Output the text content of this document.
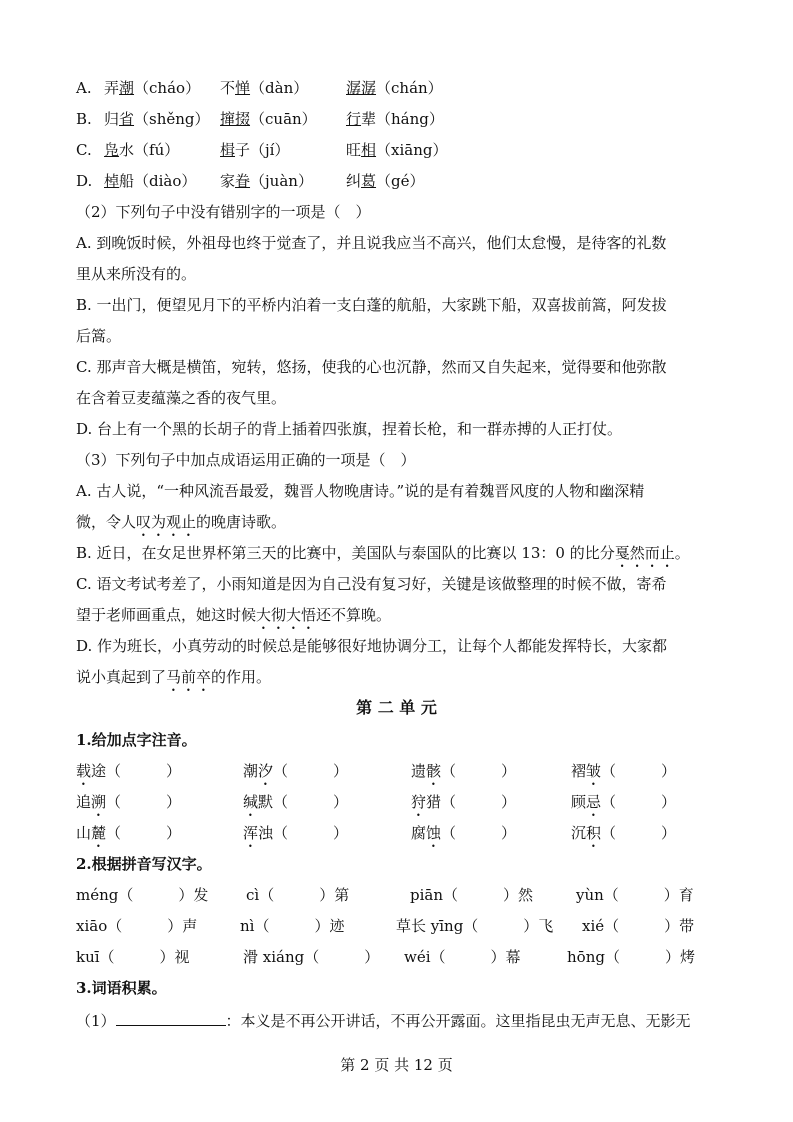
A. 弄潮（cháo） 不惮（dàn）	潺潺（chán）
B. 归省（shěng） 撺掇（cuān） 行辈（háng）
C. 凫水（fú）	楫子（jí）	旺相（xiāng）
D. 棹船（diào） 家眷（juàn） 纠葛（gé）
（2）下列句子中没有错别字的一项是（　）
A. 到晚饭时候，外祖母也终于觉查了，并且说我应当不高兴，他们太怠慢，是待客的礼数
里从来所没有的。
B. 一出门，便望见月下的平桥内泊着一支白蓬的航船，大家跳下船，双喜拔前篙，阿发拔
后篙。
C. 那声音大概是横笛，宛转，悠扬，使我的心也沉静，然而又自失起来，觉得要和他弥散
在含着豆麦蕴藻之香的夜气里。
D. 台上有一个黑的长胡子的背上插着四张旗，捏着长枪，和一群赤搏的人正打仗。
（3）下列句子中加点成语运用正确的一项是（　）
A. 古人说，“一种风流吾最爱，魏晋人物晚唐诗。”说的是有着魏晋风度的人物和幽深精
微，令人叹为观止的晚唐诗歌。
B. 近日，在女足世界杯第三天的比赛中，美国队与泰国队的比赛以 13：0 的比分戛然而止。
C. 语文考试考差了，小雨知道是因为自己没有复习好，关键是该做整理的时候不做，寄希
望于老师画重点，她这时候大彻大悟还不算晚。
D. 作为班长，小真劳动的时候总是能够很好地协调分工，让每个人都能发挥特长，大家都
说小真起到了马前卒的作用。
第 二 单 元
1.给加点字注音。
载途（　　　）	潮汐（　　　）	遗骸（　　　）	褶皱（　　　）
追溯（　　　）	缄默（　　　）	狩猎（　　　）	顾忌（　　　）
山麓（　　　）	浑浊（　　　）	腐蚀（　　　）	沉积（　　　）
2.根据拼音写汉字。
méng（　　　）发	cì（　　　）第	piān（　　　）然	yùn（　　　）育
xiāo（　　　）声	nì（　　　）迹	草长 yīng（　　　）飞 xié（　　　）带
kuī（　　　）视	滑 xiáng（　　　） wéi（　　　）幕	hōng（　　　）烤
3.词语积累。
（1）	：本义是不再公开讲话，不再公开露面。这里指昆虫无声无息、无影无
第 2 页 共 12 页
